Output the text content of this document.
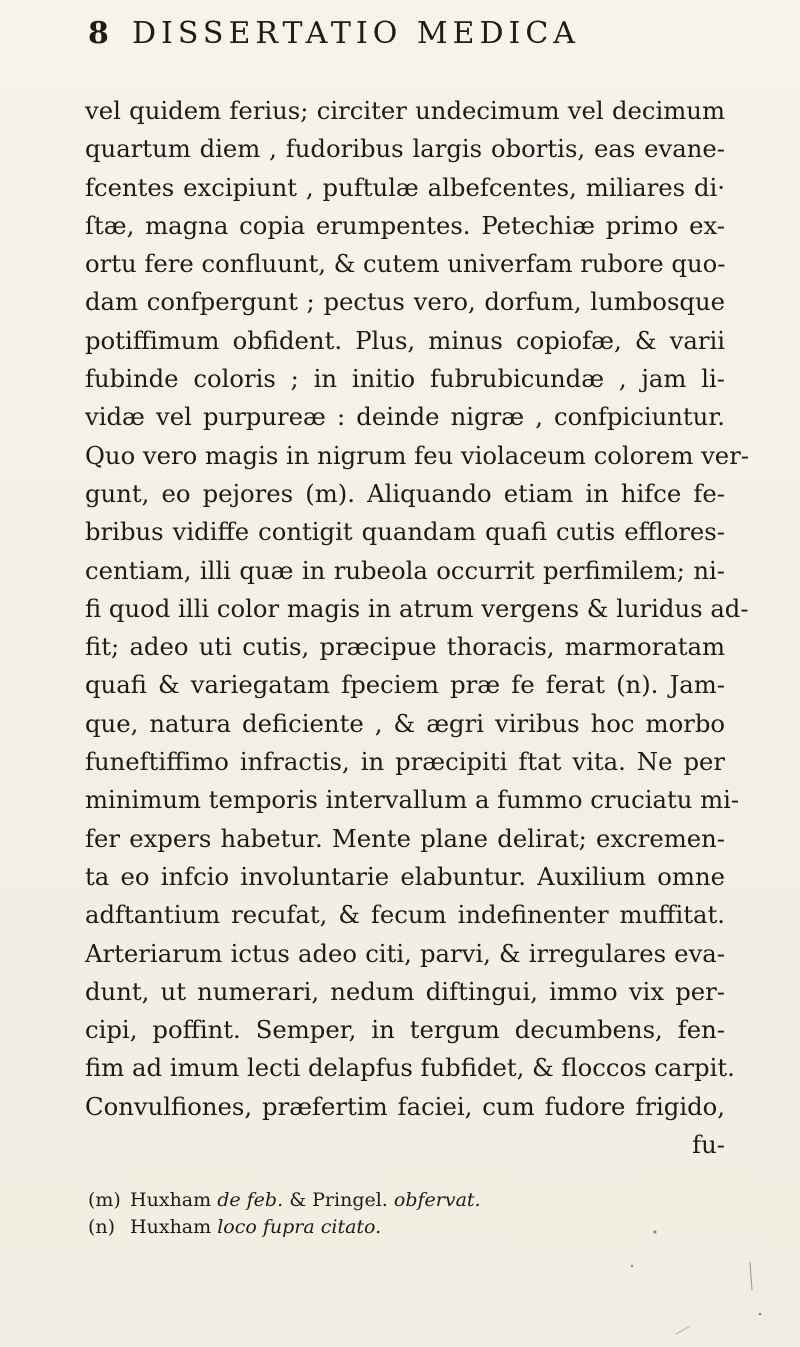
8 DISSERTATIO MEDICA
vel quidem ferius; circiter undecimum vel decimum
quartum diem , fudoribus largis obortis, eas evane-
fcentes excipiunt , puftulæ albefcentes, miliares di·
ſtæ, magna copia erumpentes. Petechiæ primo ex-
ortu fere confluunt, & cutem univerfam rubore quo-
dam confpergunt ; pectus vero, dorfum, lumbosque
potiffimum obfident. Plus, minus copiofæ, & varii
fubinde coloris ; in initio fubrubicundæ , jam li-
vidæ vel purpureæ : deinde nigræ , confpiciuntur.
Quo vero magis in nigrum feu violaceum colorem ver-
gunt, eo pejores (m). Aliquando etiam in hifce fe-
bribus vidiffe contigit quandam quafi cutis efflores-
centiam, illi quæ in rubeola occurrit perfimilem; ni-
fi quod illi color magis in atrum vergens & luridus ad-
fit; adeo uti cutis, præcipue thoracis, marmoratam
quafi & variegatam fpeciem præ fe ferat (n). Jam-
que, natura deficiente , & ægri viribus hoc morbo
funeftiffimo infractis, in præcipiti ftat vita. Ne per
minimum temporis intervallum a fummo cruciatu mi-
fer expers habetur. Mente plane delirat; excremen-
ta eo infcio involuntarie elabuntur. Auxilium omne
adftantium recufat, & fecum indefinenter muffitat.
Arteriarum ictus adeo citi, parvi, & irregulares eva-
dunt, ut numerari, nedum diftingui, immo vix per-
cipi, poffint. Semper, in tergum decumbens, fen-
fim ad imum lecti delapfus fubfidet, & floccos carpit.
Convulfiones, præfertim faciei, cum fudore frigido,
fu-
(m) Huxham de feb. & Pringel. obfervat.
(n) Huxham loco fupra citato.
